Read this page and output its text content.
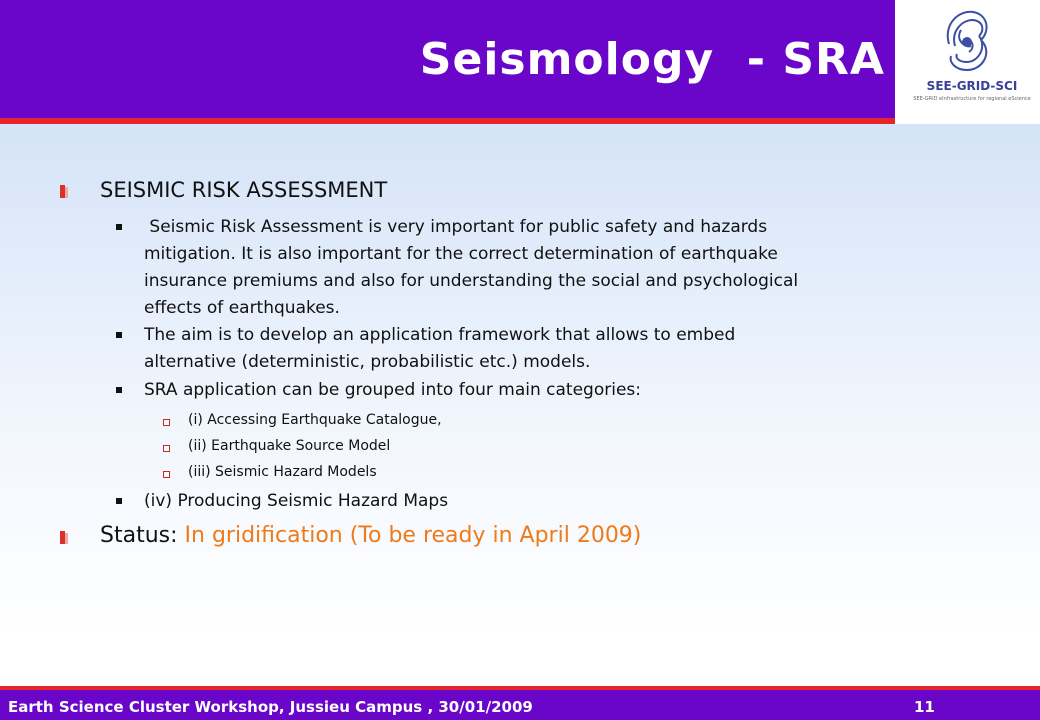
Seismology  - SRA
SEE-GRID-SCI
SEE-GRID eInfrastructure for regional eScience
SEISMIC RISK ASSESSMENT
Seismic Risk Assessment is very important for public safety and hazards
mitigation. It is also important for the correct determination of earthquake
insurance premiums and also for understanding the social and psychological
effects of earthquakes.
The aim is to develop an application framework that allows to embed
alternative (deterministic, probabilistic etc.) models.
SRA application can be grouped into four main categories:
(i) Accessing Earthquake Catalogue,
(ii) Earthquake Source Model
(iii) Seismic Hazard Models
(iv) Producing Seismic Hazard Maps
Status: In gridification (To be ready in April 2009)
Earth Science Cluster Workshop, Jussieu Campus , 30/01/2009	11
